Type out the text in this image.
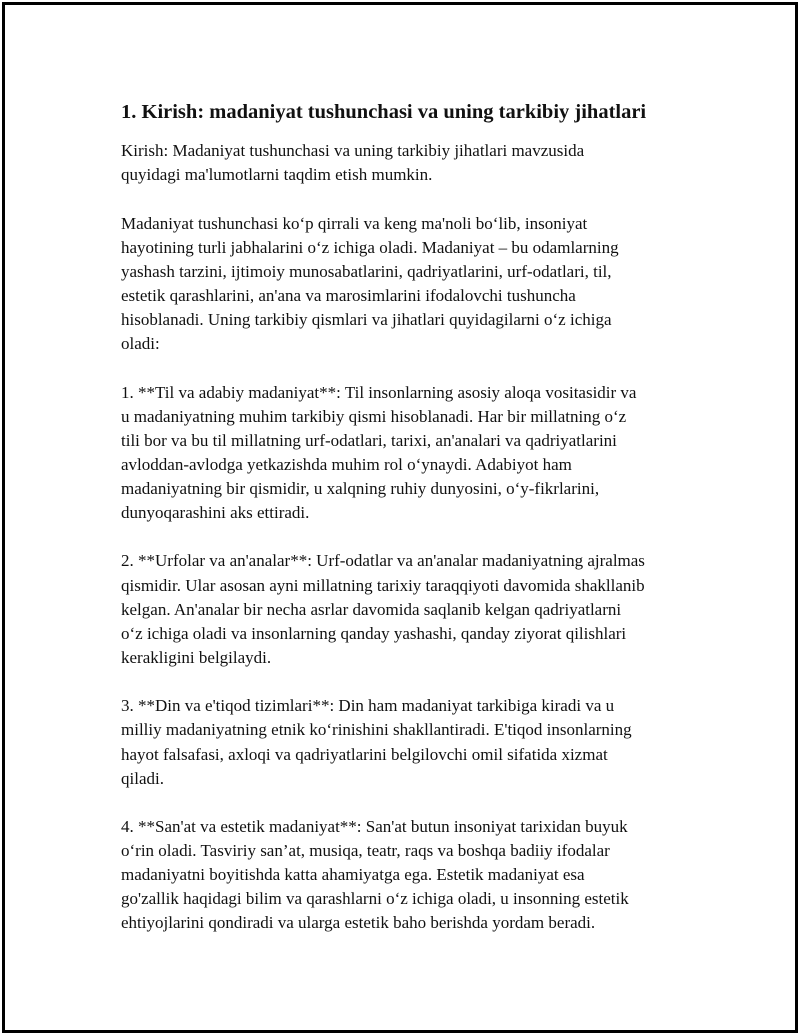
1. Kirish: madaniyat tushunchasi va uning tarkibiy jihatlari
Kirish: Madaniyat tushunchasi va uning tarkibiy jihatlari mavzusida
quyidagi ma'lumotlarni taqdim etish mumkin.
Madaniyat tushunchasi ko‘p qirrali va keng ma'noli bo‘lib, insoniyat
hayotining turli jabhalarini o‘z ichiga oladi. Madaniyat – bu odamlarning
yashash tarzini, ijtimoiy munosabatlarini, qadriyatlarini, urf-odatlari, til,
estetik qarashlarini, an'ana va marosimlarini ifodalovchi tushuncha
hisoblanadi. Uning tarkibiy qismlari va jihatlari quyidagilarni o‘z ichiga
oladi:
1. **Til va adabiy madaniyat**: Til insonlarning asosiy aloqa vositasidir va
u madaniyatning muhim tarkibiy qismi hisoblanadi. Har bir millatning o‘z
tili bor va bu til millatning urf-odatlari, tarixi, an'analari va qadriyatlarini
avloddan-avlodga yetkazishda muhim rol o‘ynaydi. Adabiyot ham
madaniyatning bir qismidir, u xalqning ruhiy dunyosini, o‘y-fikrlarini,
dunyoqarashini aks ettiradi.
2. **Urfolar va an'analar**: Urf-odatlar va an'analar madaniyatning ajralmas
qismidir. Ular asosan ayni millatning tarixiy taraqqiyoti davomida shakllanib
kelgan. An'analar bir necha asrlar davomida saqlanib kelgan qadriyatlarni
o‘z ichiga oladi va insonlarning qanday yashashi, qanday ziyorat qilishlari
kerakligini belgilaydi.
3. **Din va e'tiqod tizimlari**: Din ham madaniyat tarkibiga kiradi va u
milliy madaniyatning etnik ko‘rinishini shakllantiradi. E'tiqod insonlarning
hayot falsafasi, axloqi va qadriyatlarini belgilovchi omil sifatida xizmat
qiladi.
4. **San'at va estetik madaniyat**: San'at butun insoniyat tarixidan buyuk
o‘rin oladi. Tasviriy san’at, musiqa, teatr, raqs va boshqa badiiy ifodalar
madaniyatni boyitishda katta ahamiyatga ega. Estetik madaniyat esa
go'zallik haqidagi bilim va qarashlarni o‘z ichiga oladi, u insonning estetik
ehtiyojlarini qondiradi va ularga estetik baho berishda yordam beradi.
